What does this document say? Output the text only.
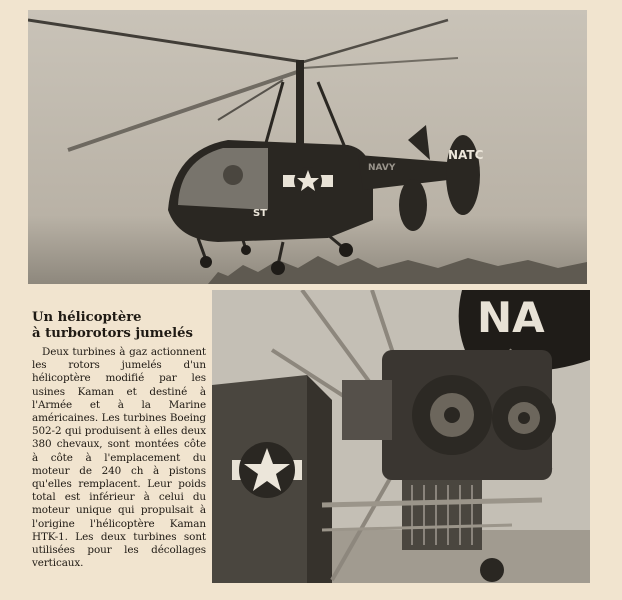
NATC
NAVY
ST
Un hélicoptère
à turborotors jumelés

Deux turbines à gaz actionnent les rotors jumelés d'un hélicoptère modifié par les usines Kaman et destiné à l'Armée et à la Marine américaines. Les turbines Boeing 502-2 qui produisent à elles deux 380 chevaux, sont montées côte à côte à l'emplacement du moteur de 240 ch à pistons qu'elles remplacent. Leur poids total est inférieur à celui du moteur unique qui propulsait à l'origine l'hélicoptère Kaman HTK-1. Les deux turbines sont utilisées pour les décollages verticaux.

NA
